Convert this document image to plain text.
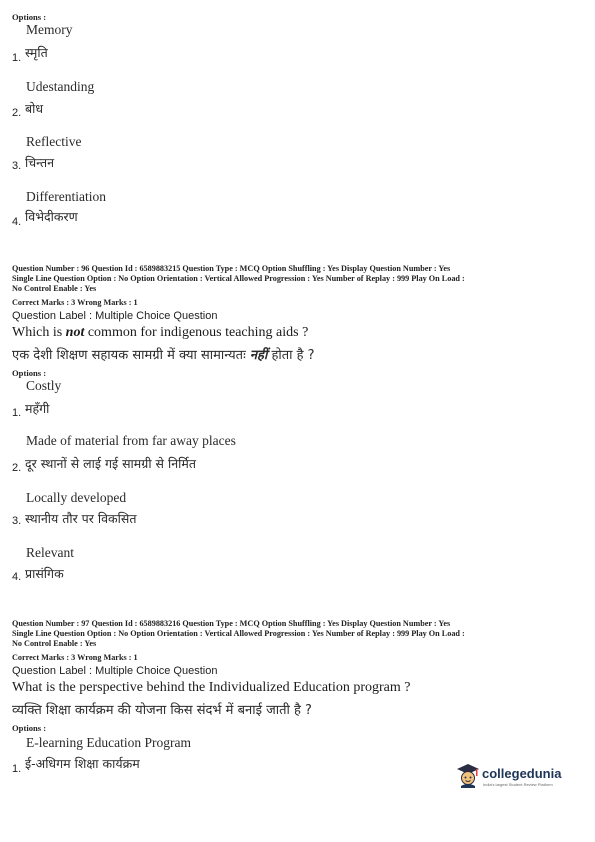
Options :
Memory
1. स्मृति
Udestanding
2. बोध
Reflective
3. चिन्तन
Differentiation
4. विभेदीकरण
Question Number : 96 Question Id : 6589883215 Question Type : MCQ Option Shuffling : Yes Display Question Number : Yes
Single Line Question Option : No Option Orientation : Vertical Allowed Progression : Yes Number of Replay : 999 Play On Load :
No Control Enable : Yes
Correct Marks : 3 Wrong Marks : 1
Question Label : Multiple Choice Question
Which is not common for indigenous teaching aids ?
एक देशी शिक्षण सहायक सामग्री में क्या सामान्यतः नहीं होता है ?
Options :
Costly
1. महँगी
Made of material from far away places
2. दूर स्थानों से लाई गई सामग्री से निर्मित
Locally developed
3. स्थानीय तौर पर विकसित
Relevant
4. प्रासंगिक
Question Number : 97 Question Id : 6589883216 Question Type : MCQ Option Shuffling : Yes Display Question Number : Yes
Single Line Question Option : No Option Orientation : Vertical Allowed Progression : Yes Number of Replay : 999 Play On Load :
No Control Enable : Yes
Correct Marks : 3 Wrong Marks : 1
Question Label : Multiple Choice Question
What is the perspective behind the Individualized Education program ?
व्यक्ति शिक्षा कार्यक्रम की योजना किस संदर्भ में बनाई जाती है ?
Options :
E-learning Education Program
1. ई-अधिगम शिक्षा कार्यक्रम
collegedunia
India's largest Student Review Platform
